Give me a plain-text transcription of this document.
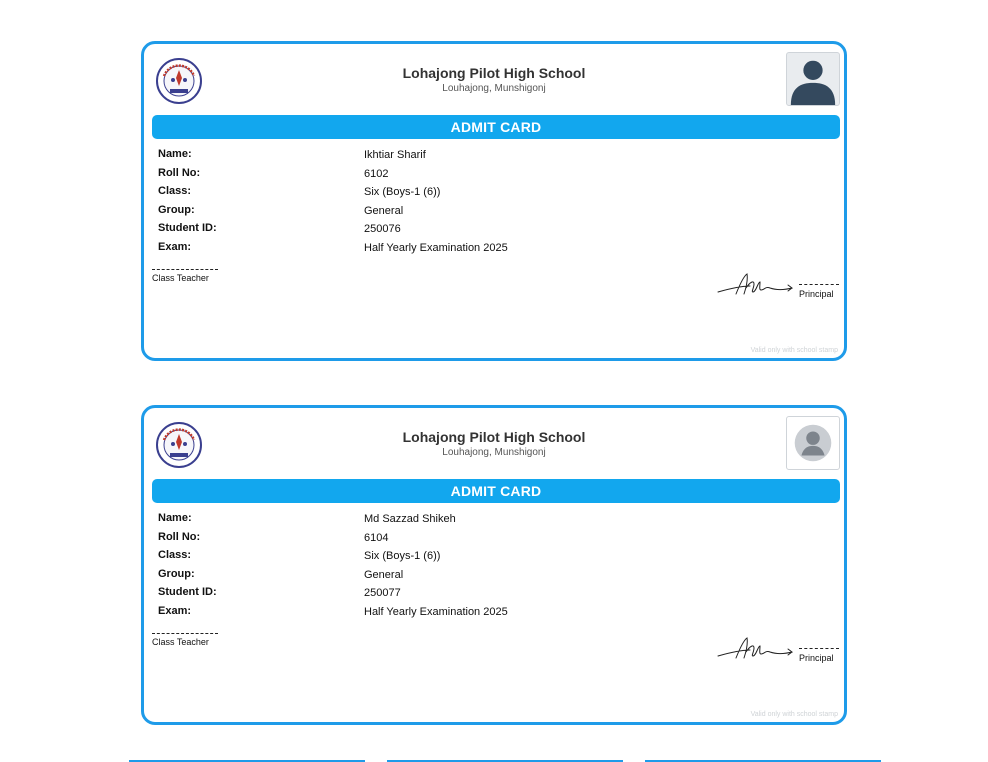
Lohajong Pilot High School
Louhajong, Munshigonj
ADMIT CARD
Name:	Ikhtiar Sharif
Roll No:	6102
Class:	Six (Boys-1 (6))
Group:	General
Student ID:	250076
Exam:	Half Yearly Examination 2025
Class Teacher
Principal
Valid only with school stamp
Lohajong Pilot High School
Louhajong, Munshigonj
ADMIT CARD
Name:	Md Sazzad Shikeh
Roll No:	6104
Class:	Six (Boys-1 (6))
Group:	General
Student ID:	250077
Exam:	Half Yearly Examination 2025
Class Teacher
Principal
Valid only with school stamp
